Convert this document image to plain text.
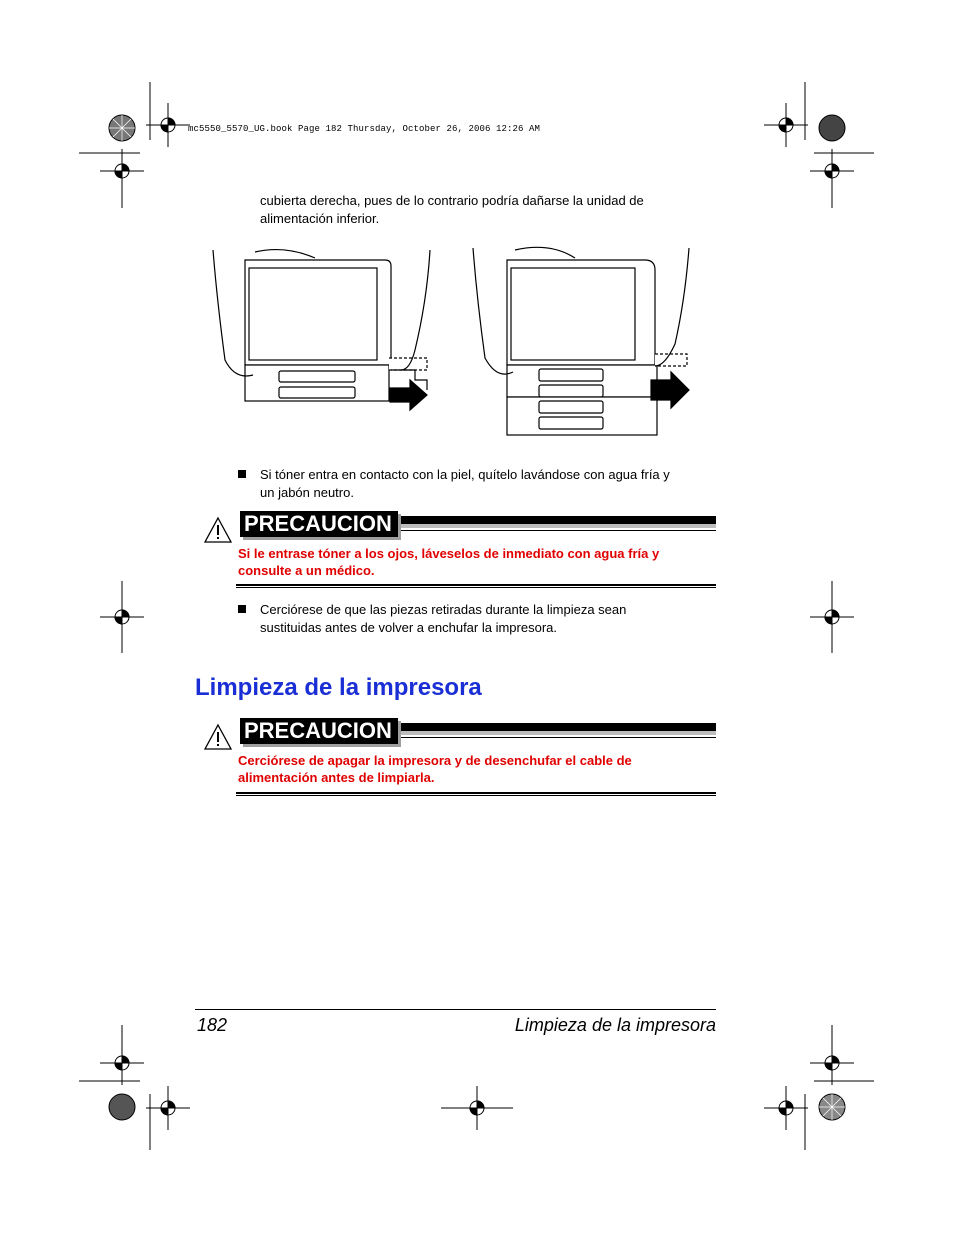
mc5550_5570_UG.book Page 182 Thursday, October 26, 2006 12:26 AM
cubierta derecha, pues de lo contrario podría dañarse la unidad de
alimentación inferior.
Si tóner entra en contacto con la piel, quítelo lavándose con agua fría y
un jabón neutro.
PRECAUCION
Si le entrase tóner a los ojos, láveselos de inmediato con agua fría y
consulte a un médico.
Cerciórese de que las piezas retiradas durante la limpieza sean
sustituidas antes de volver a enchufar la impresora.
Limpieza de la impresora
PRECAUCION
Cerciórese de apagar la impresora y de desenchufar el cable de
alimentación antes de limpiarla.
182	Limpieza de la impresora
